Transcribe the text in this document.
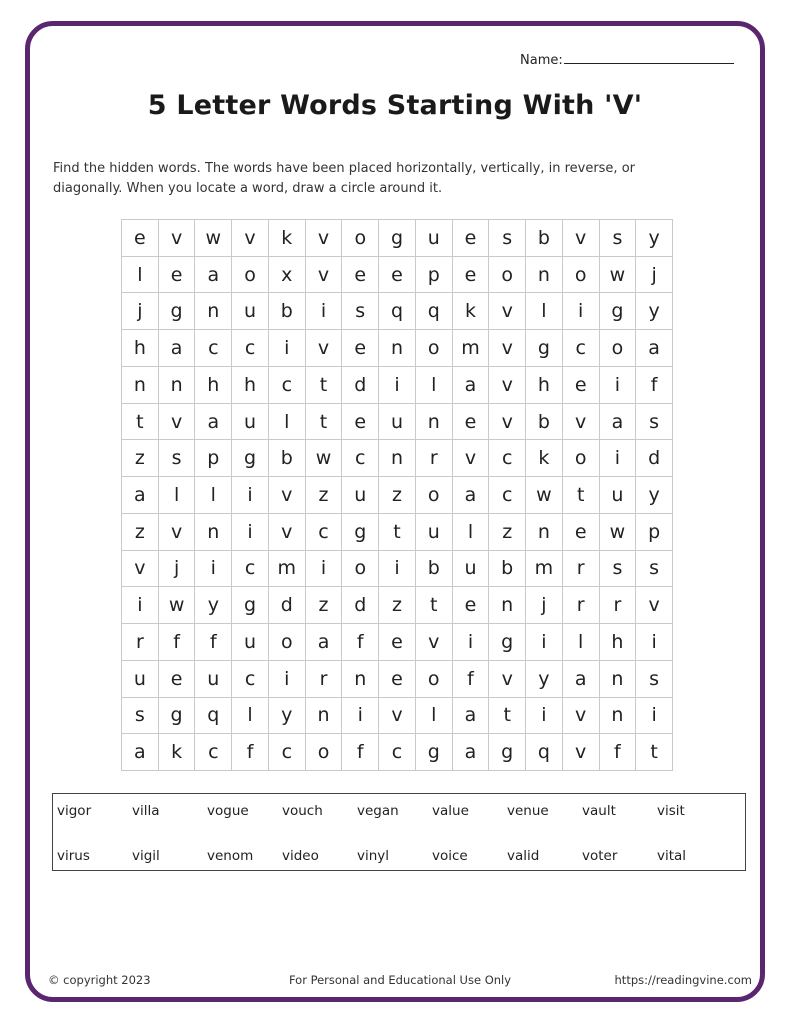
Name:
5 Letter Words Starting With 'V'
Find the hidden words. The words have been placed horizontally, vertically, in reverse, or diagonally. When you locate a word, draw a circle around it.
e	v	w	v	k	v	o	g	u	e	s	b	v	s	y
l	e	a	o	x	v	e	e	p	e	o	n	o	w	j
j	g	n	u	b	i	s	q	q	k	v	l	i	g	y
h	a	c	c	i	v	e	n	o	m	v	g	c	o	a
n	n	h	h	c	t	d	i	l	a	v	h	e	i	f
t	v	a	u	l	t	e	u	n	e	v	b	v	a	s
z	s	p	g	b	w	c	n	r	v	c	k	o	i	d
a	l	l	i	v	z	u	z	o	a	c	w	t	u	y
z	v	n	i	v	c	g	t	u	l	z	n	e	w	p
v	j	i	c	m	i	o	i	b	u	b	m	r	s	s
i	w	y	g	d	z	d	z	t	e	n	j	r	r	v
r	f	f	u	o	a	f	e	v	i	g	i	l	h	i
u	e	u	c	i	r	n	e	o	f	v	y	a	n	s
s	g	q	l	y	n	i	v	l	a	t	i	v	n	i
a	k	c	f	c	o	f	c	g	a	g	q	v	f	t
vigor	villa	vogue	vouch	vegan	value	venue	vault	visit
virus	vigil	venom	video	vinyl	voice	valid	voter	vital
© copyright 2023	For Personal and Educational Use Only	https://readingvine.com
